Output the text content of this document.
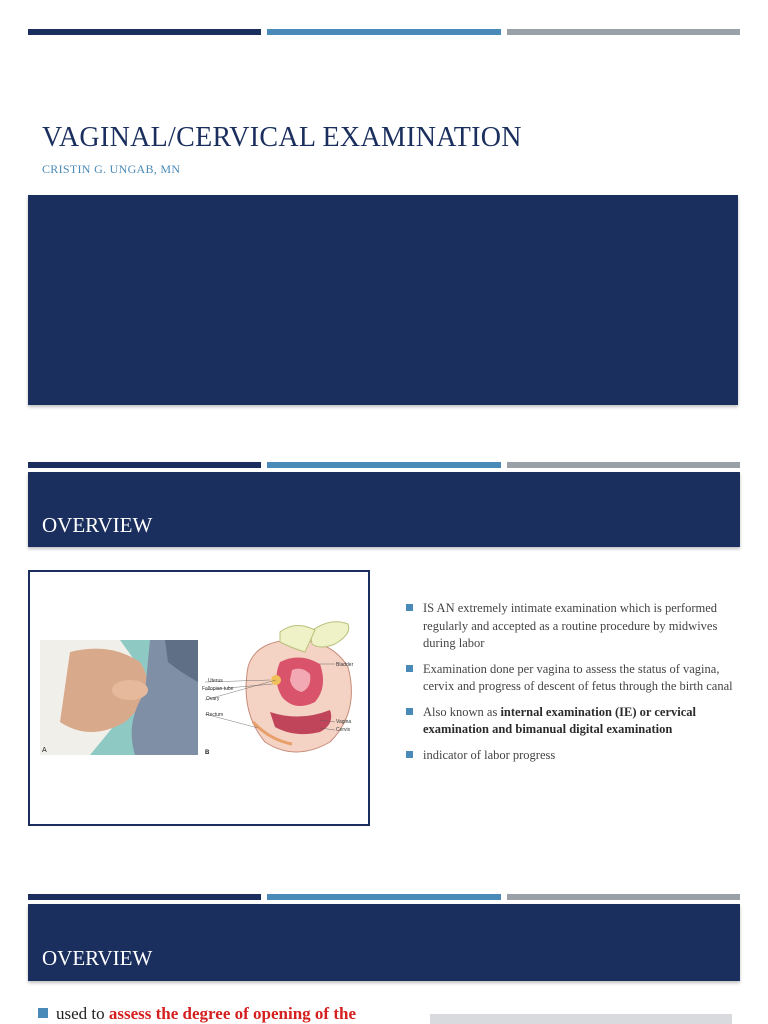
VAGINAL/CERVICAL EXAMINATION
CRISTIN G. UNGAB, MN
OVERVIEW
A
Bladder
Uterus
Fallopian tube
Ovary
Rectum
Vagina
Cervix
B
IS AN extremely intimate examination which is performed regularly and accepted as a routine procedure by midwives during labor
Examination done per vagina to assess the status of vagina, cervix and progress of descent of fetus through the birth canal
Also known as internal examination (IE) or cervical examination and bimanual digital examination
indicator of labor progress
OVERVIEW
used to assess the degree of opening of the
